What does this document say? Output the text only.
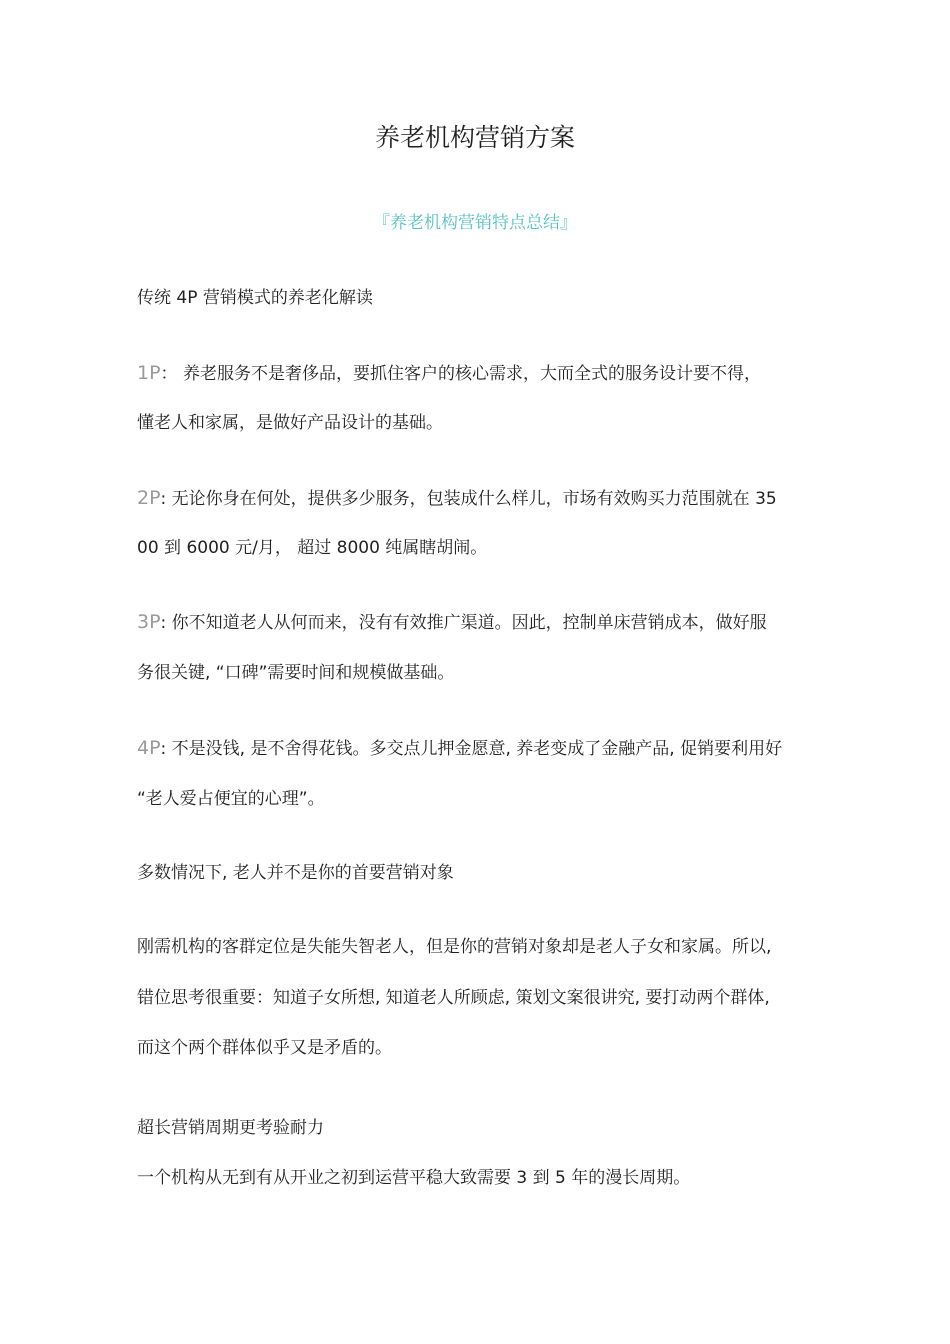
养老机构营销方案
『养老机构营销特点总结』
传统 4P 营销模式的养老化解读
1P： 养老服务不是奢侈品，要抓住客户的核心需求，大而全式的服务设计要不得，
懂老人和家属，是做好产品设计的基础。
2P: 无论你身在何处，提供多少服务，包装成什么样儿，市场有效购买力范围就在 35
00 到 6000 元/月， 超过 8000 纯属瞎胡闹。
3P: 你不知道老人从何而来，没有有效推广渠道。因此，控制单床营销成本，做好服
务很关键, “口碑”需要时间和规模做基础。
4P: 不是没钱, 是不舍得花钱。多交点儿押金愿意, 养老变成了金融产品, 促销要利用好
“老人爱占便宜的心理”。
多数情况下, 老人并不是你的首要营销对象
刚需机构的客群定位是失能失智老人，但是你的营销对象却是老人子女和家属。所以,
错位思考很重要：知道子女所想, 知道老人所顾虑, 策划文案很讲究, 要打动两个群体,
而这个两个群体似乎又是矛盾的。
超长营销周期更考验耐力
一个机构从无到有从开业之初到运营平稳大致需要 3 到 5 年的漫长周期。
